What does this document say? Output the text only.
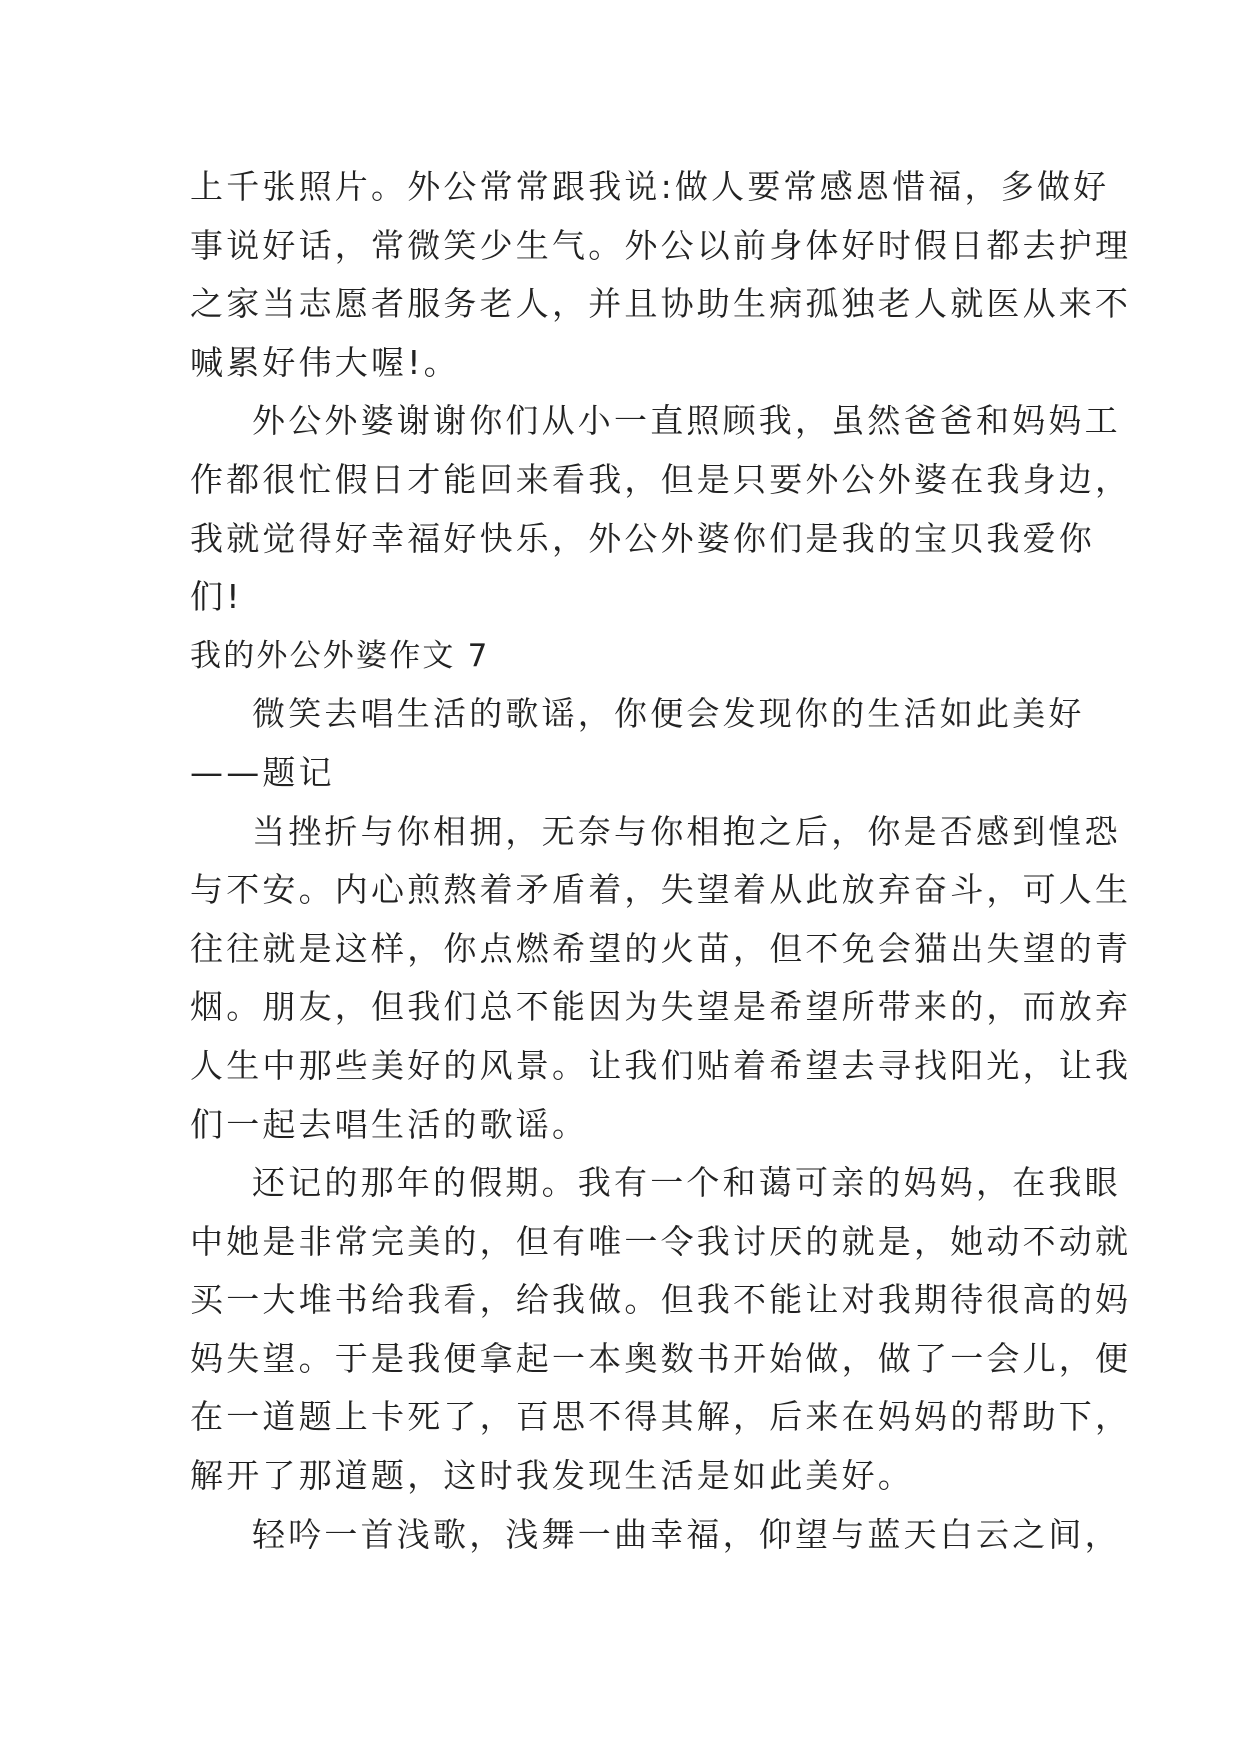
上千张照片。外公常常跟我说:做人要常感恩惜福，多做好
事说好话，常微笑少生气。外公以前身体好时假日都去护理
之家当志愿者服务老人，并且协助生病孤独老人就医从来不
喊累好伟大喔!。

外公外婆谢谢你们从小一直照顾我，虽然爸爸和妈妈工
作都很忙假日才能回来看我，但是只要外公外婆在我身边，
我就觉得好幸福好快乐，外公外婆你们是我的宝贝我爱你
们!

我的外公外婆作文 7

微笑去唱生活的歌谣，你便会发现你的生活如此美好
——题记

当挫折与你相拥，无奈与你相抱之后，你是否感到惶恐
与不安。内心煎熬着矛盾着，失望着从此放弃奋斗，可人生
往往就是这样，你点燃希望的火苗，但不免会猫出失望的青
烟。朋友，但我们总不能因为失望是希望所带来的，而放弃
人生中那些美好的风景。让我们贴着希望去寻找阳光，让我
们一起去唱生活的歌谣。

还记的那年的假期。我有一个和蔼可亲的妈妈，在我眼
中她是非常完美的，但有唯一令我讨厌的就是，她动不动就
买一大堆书给我看，给我做。但我不能让对我期待很高的妈
妈失望。于是我便拿起一本奥数书开始做，做了一会儿，便
在一道题上卡死了，百思不得其解，后来在妈妈的帮助下，
解开了那道题，这时我发现生活是如此美好。

轻吟一首浅歌，浅舞一曲幸福，仰望与蓝天白云之间，
